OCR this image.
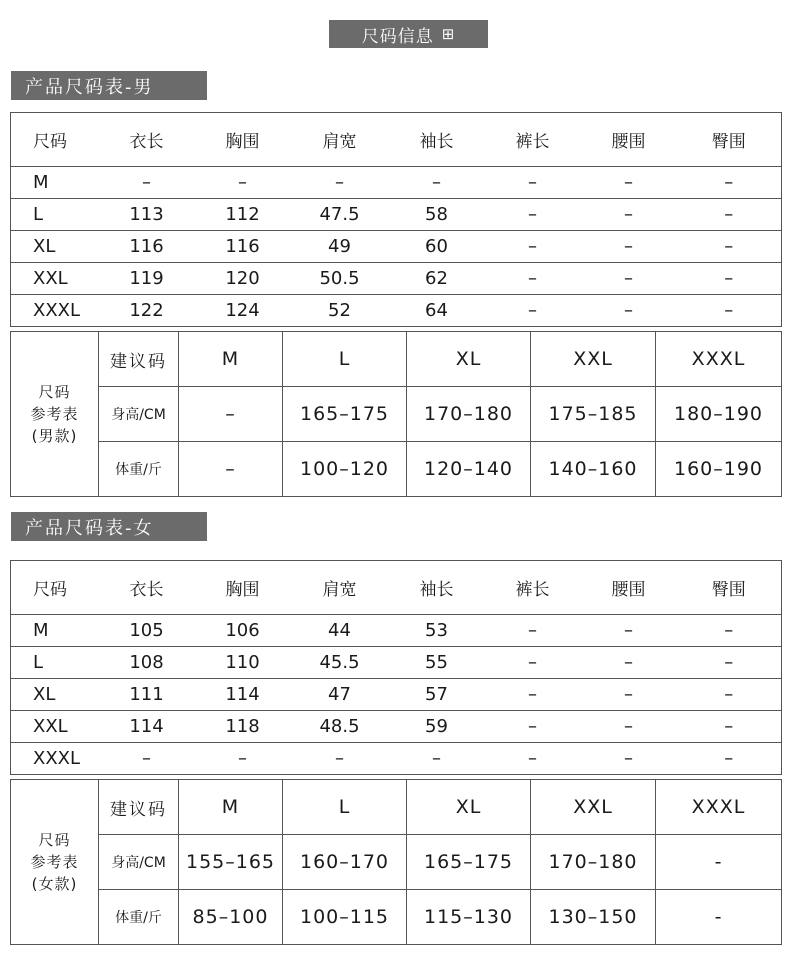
尺码信息 ⊞
产品尺码表-男
尺码	衣长	胸围	肩宽	袖长	裤长	腰围	臀围
M	–	–	–	–	–	–	–
L	113	112	47.5	58	–	–	–
XL	116	116	49	60	–	–	–
XXL	119	120	50.5	62	–	–	–
XXXL	122	124	52	64	–	–	–
尺码
参考表
(男款)	建议码	M	L	XL	XXL	XXXL
	身高/CM	–	165–175	170–180	175–185	180–190
	体重/斤	–	100–120	120–140	140–160	160–190
产品尺码表-女
尺码	衣长	胸围	肩宽	袖长	裤长	腰围	臀围
M	105	106	44	53	–	–	–
L	108	110	45.5	55	–	–	–
XL	111	114	47	57	–	–	–
XXL	114	118	48.5	59	–	–	–
XXXL	–	–	–	–	–	–	–
尺码
参考表
(女款)	建议码	M	L	XL	XXL	XXXL
	身高/CM	155–165	160–170	165–175	170–180	-
	体重/斤	85–100	100–115	115–130	130–150	-
